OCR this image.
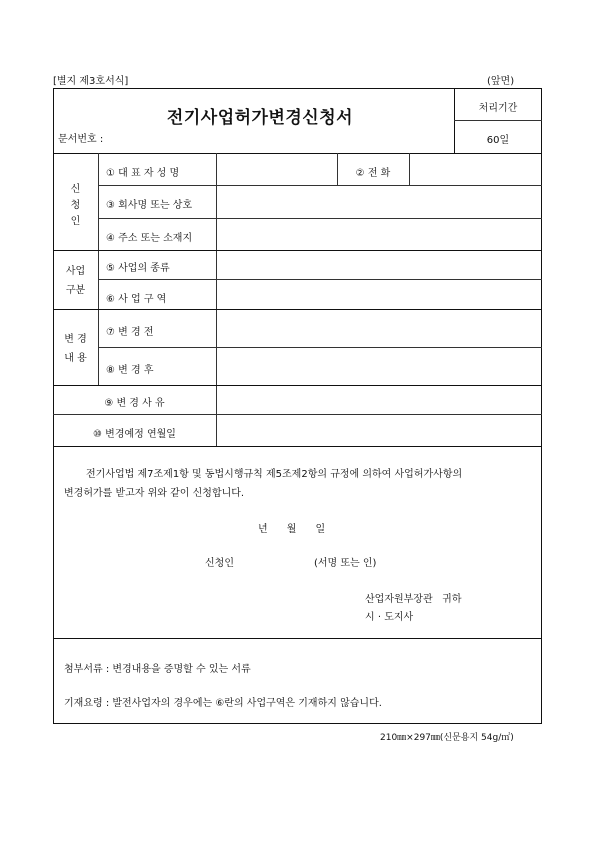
[별지 제3호서식]	(앞면)
전기사업허가변경신청서
문서번호 :
처리기간
60일
신
청
인
① 대 표 자 성 명	② 전 화
③ 회사명 또는 상호
④ 주소 또는 소재지
사업
구분
⑤ 사업의 종류
⑥ 사 업 구 역
변 경
내 용
⑦ 변 경 전
⑧ 변 경 후
⑨ 변 경 사 유
⑩ 변경예정 연월일
전기사업법 제7조제1항 및 동법시행규칙 제5조제2항의 규정에 의하여 사업허가사항의
변경허가를 받고자 위와 같이 신청합니다.
년      월      일
신청인	(서명 또는 인)
산업자원부장관   귀하
시 · 도지사
첨부서류 : 변경내용을 증명할 수 있는 서류
기재요령 : 발전사업자의 경우에는 ⑥란의 사업구역은 기재하지 않습니다.
210㎜×297㎜(신문용지 54g/㎡)
